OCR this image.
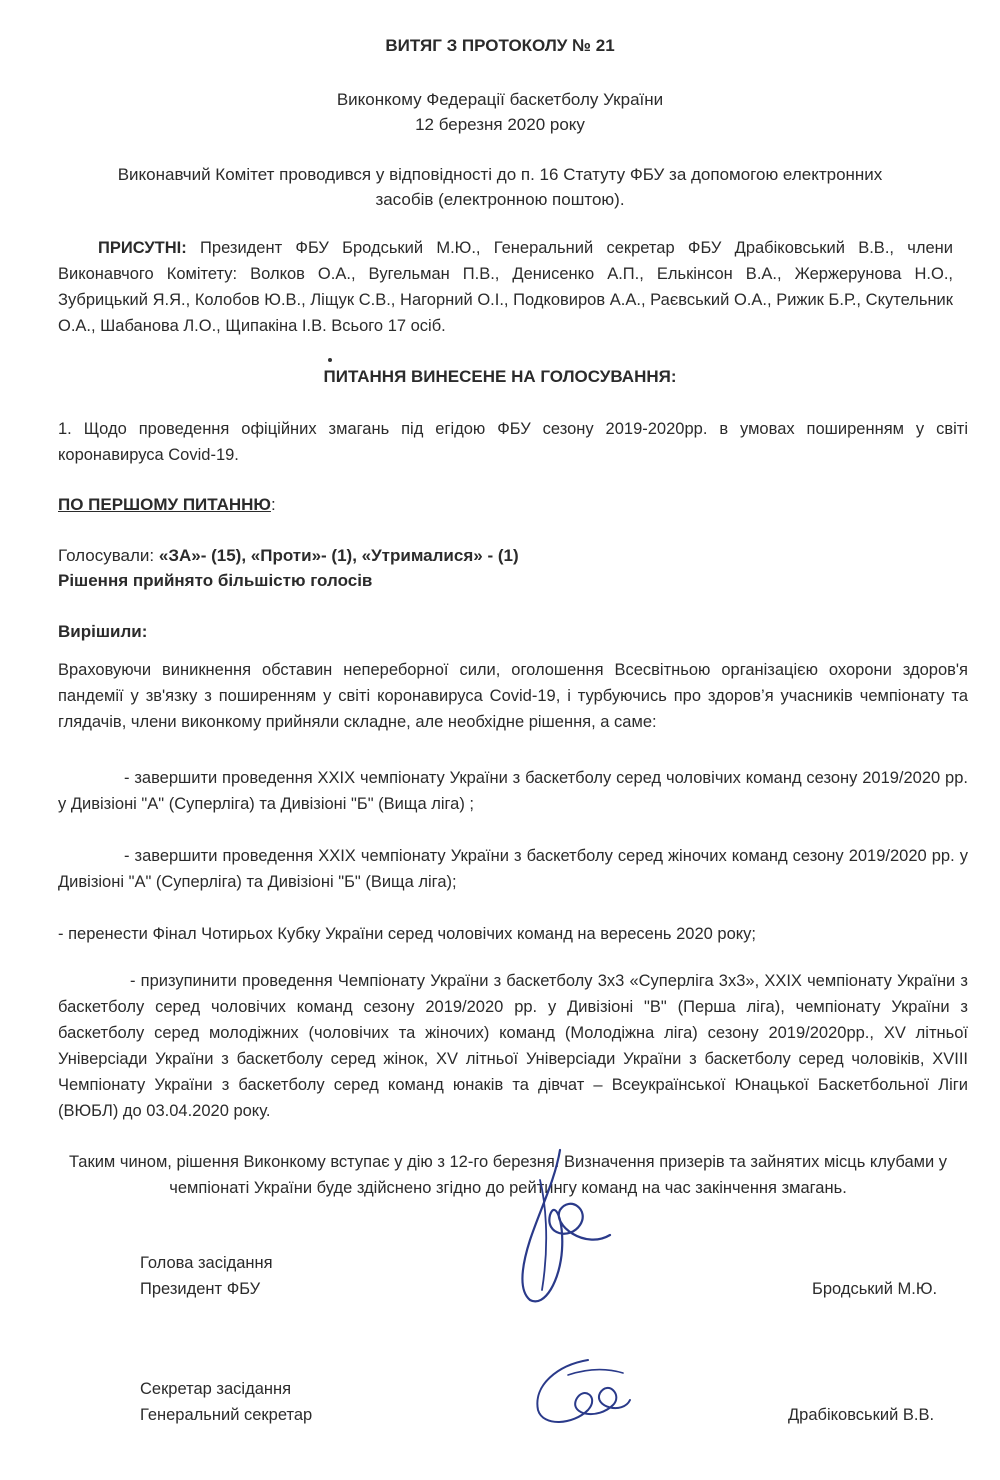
ВИТЯГ З ПРОТОКОЛУ № 21
Виконкому Федерації баскетболу України
12 березня 2020 року
Виконавчий Комітет проводився у відповідності до п. 16 Статуту ФБУ за допомогою електронних
засобів (електронною поштою).
ПРИСУТНІ: Президент ФБУ Бродський М.Ю., Генеральний секретар ФБУ Драбіковський В.В., члени Виконавчого Комітету: Волков О.А., Вугельман П.В., Денисенко А.П., Елькінсон В.А., Жержерунова Н.О., Зубрицький Я.Я., Колобов Ю.В., Ліщук С.В., Нагорний О.І., Подковиров А.А., Раєвський О.А., Рижик Б.Р., Скутельник О.А., Шабанова Л.О., Щипакіна І.В. Всього 17 осіб.
ПИТАННЯ ВИНЕСЕНЕ НА ГОЛОСУВАННЯ:
1. Щодо проведення офіційних змагань під егідою ФБУ сезону 2019-2020рр. в умовах поширенням у світі коронавируса Covid-19.
ПО ПЕРШОМУ ПИТАННЮ:
Голосували: «ЗА»- (15), «Проти»- (1), «Утрималися» - (1)
Рішення прийнято більшістю голосів
Вирішили:
Враховуючи виникнення обставин непереборної сили, оголошення Всесвітньою організацією охорони здоров'я пандемії у зв'язку з поширенням у світі коронавируса Covid-19, і турбуючись про здоров’я учасників чемпіонату та глядачів, члени виконкому прийняли складне, але необхідне рішення, а саме:
- завершити проведення XXIX чемпіонату України з баскетболу серед чоловічих команд сезону 2019/2020 рр. у Дивізіоні "А" (Суперліга) та Дивізіоні "Б" (Вища ліга) ;
- завершити проведення XXIX чемпіонату України з баскетболу серед жіночих команд сезону 2019/2020 рр. у Дивізіоні "А" (Суперліга) та Дивізіоні "Б" (Вища ліга);
- перенести Фінал Чотирьох Кубку України серед чоловічих команд на вересень 2020 року;
- призупинити проведення Чемпіонату України з баскетболу 3х3 «Суперліга 3х3», XXIX чемпіонату України з баскетболу серед чоловічих команд сезону 2019/2020 рр. у Дивізіоні "В" (Перша ліга), чемпіонату України з баскетболу серед молодіжних (чоловічих та жіночих) команд (Молодіжна ліга) сезону 2019/2020рр., XV літньої Універсіади України з баскетболу серед жінок, XV літньої Універсіади України з баскетболу серед чоловіків, XVIII Чемпіонату України з баскетболу серед команд юнаків та дівчат – Всеукраїнської Юнацької Баскетбольної Ліги (ВЮБЛ) до 03.04.2020 року.
Таким чином, рішення Виконкому вступає у дію з 12-го березня. Визначення призерів та зайнятих місць клубами у чемпіонаті України буде здійснено згідно до рейтингу команд на час закінчення змагань.
Голова засідання
Президент ФБУ	Бродський М.Ю.
Секретар засідання
Генеральний секретар	Драбіковський В.В.
